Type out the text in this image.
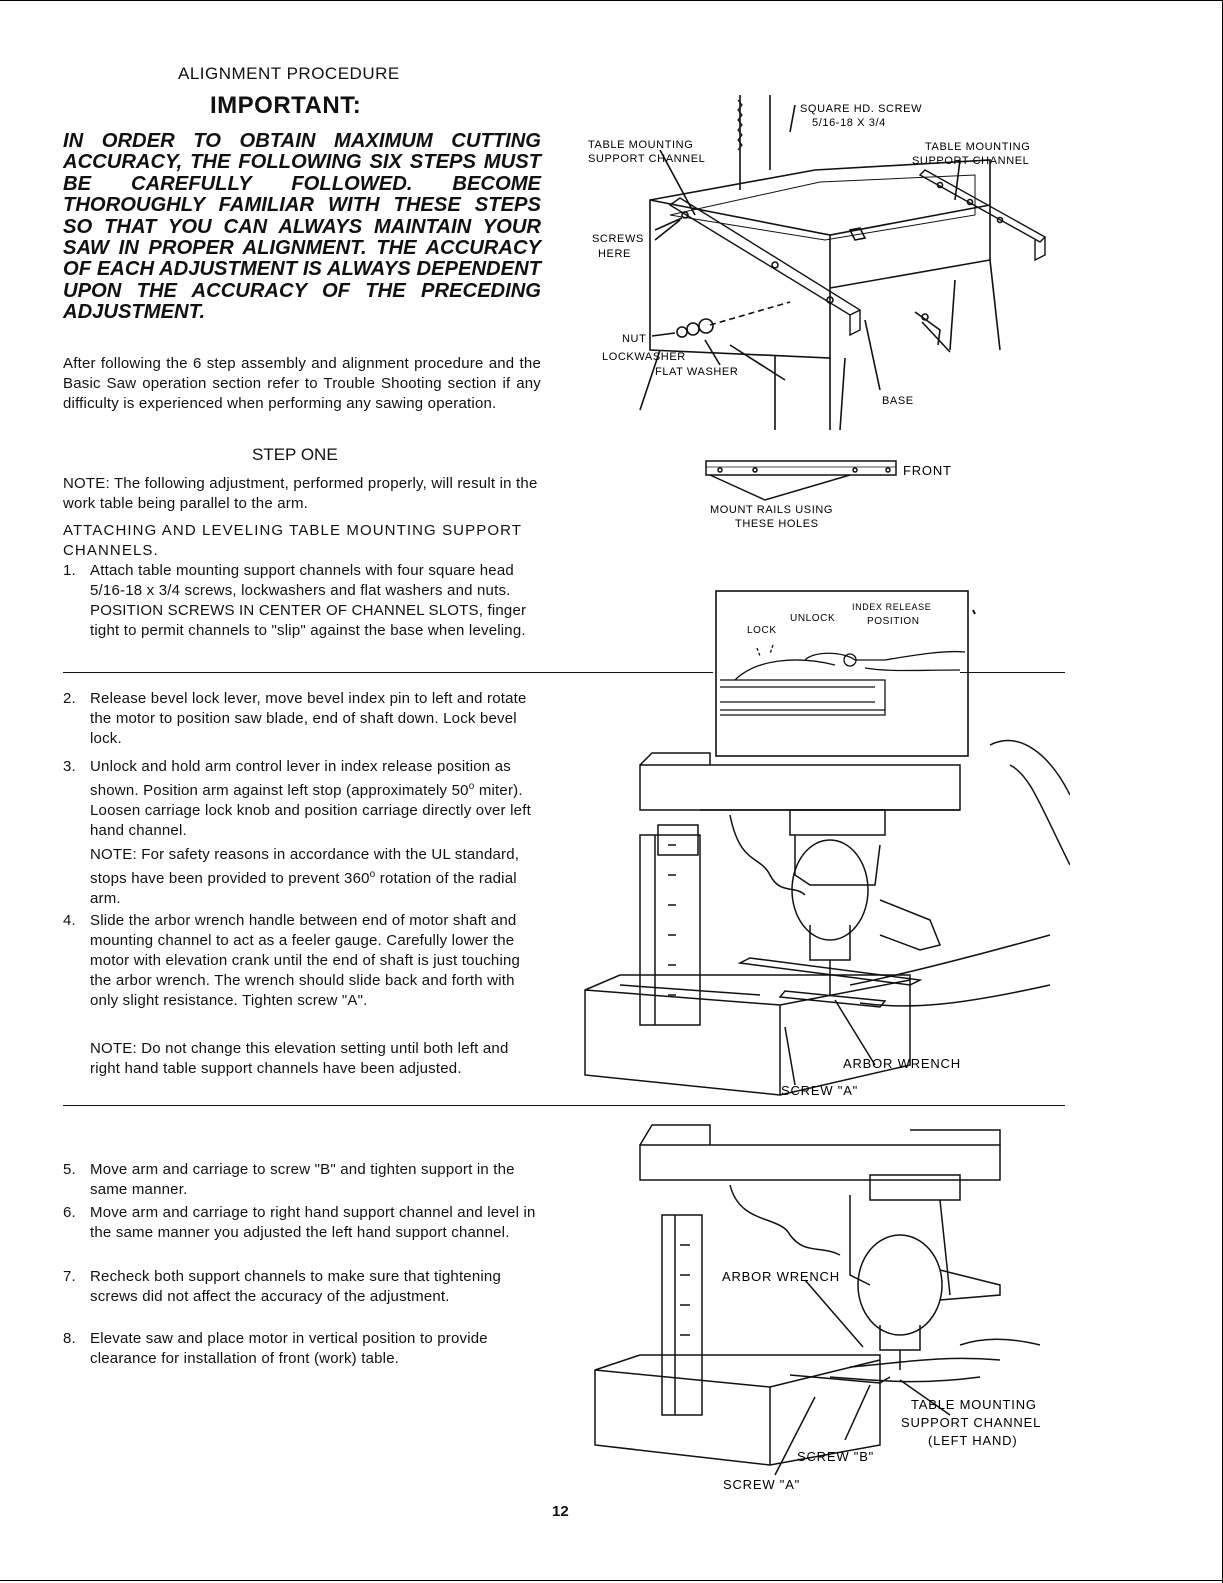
ALIGNMENT PROCEDURE
IMPORTANT:
IN ORDER TO OBTAIN MAXIMUM CUTTING ACCURACY, THE FOLLOWING SIX STEPS MUST BE CAREFULLY FOLLOWED. BECOME THOROUGHLY FAMILIAR WITH THESE STEPS SO THAT YOU CAN ALWAYS MAINTAIN YOUR SAW IN PROPER ALIGNMENT. THE ACCURACY OF EACH ADJUSTMENT IS ALWAYS DEPENDENT UPON THE ACCURACY OF THE PRECEDING ADJUSTMENT.
After following the 6 step assembly and alignment procedure and the Basic Saw operation section refer to Trouble Shooting section if any difficulty is experienced when performing any sawing operation.
STEP ONE
NOTE: The following adjustment, performed properly, will result in the work table being parallel to the arm.
ATTACHING AND LEVELING TABLE MOUNTING SUPPORT CHANNELS.
1. Attach table mounting support channels with four square head 5/16-18 x 3/4 screws, lockwashers and flat washers and nuts. POSITION SCREWS IN CENTER OF CHANNEL SLOTS, finger tight to permit channels to "slip" against the base when leveling.
2. Release bevel lock lever, move bevel index pin to left and rotate the motor to position saw blade, end of shaft down. Lock bevel lock.
3. Unlock and hold arm control lever in index release position as shown. Position arm against left stop (approximately 50$^o$ miter). Loosen carriage lock knob and position carriage directly over left hand channel.
NOTE: For safety reasons in accordance with the UL standard, stops have been provided to prevent 360$^o$ rotation of the radial arm.
4. Slide the arbor wrench handle between end of motor shaft and mounting channel to act as a feeler gauge. Carefully lower the motor with elevation crank until the end of shaft is just touching the arbor wrench. The wrench should slide back and forth with only slight resistance. Tighten screw "A".
NOTE: Do not change this elevation setting until both left and right hand table support channels have been adjusted.
5. Move arm and carriage to screw "B" and tighten support in the same manner.
6. Move arm and carriage to right hand support channel and level in the same manner you adjusted the left hand support channel.
7. Recheck both support channels to make sure that tightening screws did not affect the accuracy of the adjustment.
8. Elevate saw and place motor in vertical position to provide clearance for installation of front (work) table.
12
SQUARE HD. SCREW
5/16-18 X 3/4
TABLE MOUNTING
SUPPORT CHANNEL
TABLE MOUNTING
SUPPORT CHANNEL
SCREWS
HERE
NUT
LOCKWASHER
FLAT WASHER
BASE
FRONT
MOUNT RAILS USING
THESE HOLES
LOCK
UNLOCK
INDEX RELEASE
POSITION
ARBOR WRENCH
SCREW "A"
ARBOR WRENCH
TABLE MOUNTING
SUPPORT CHANNEL
(LEFT HAND)
SCREW "B"
SCREW "A"
